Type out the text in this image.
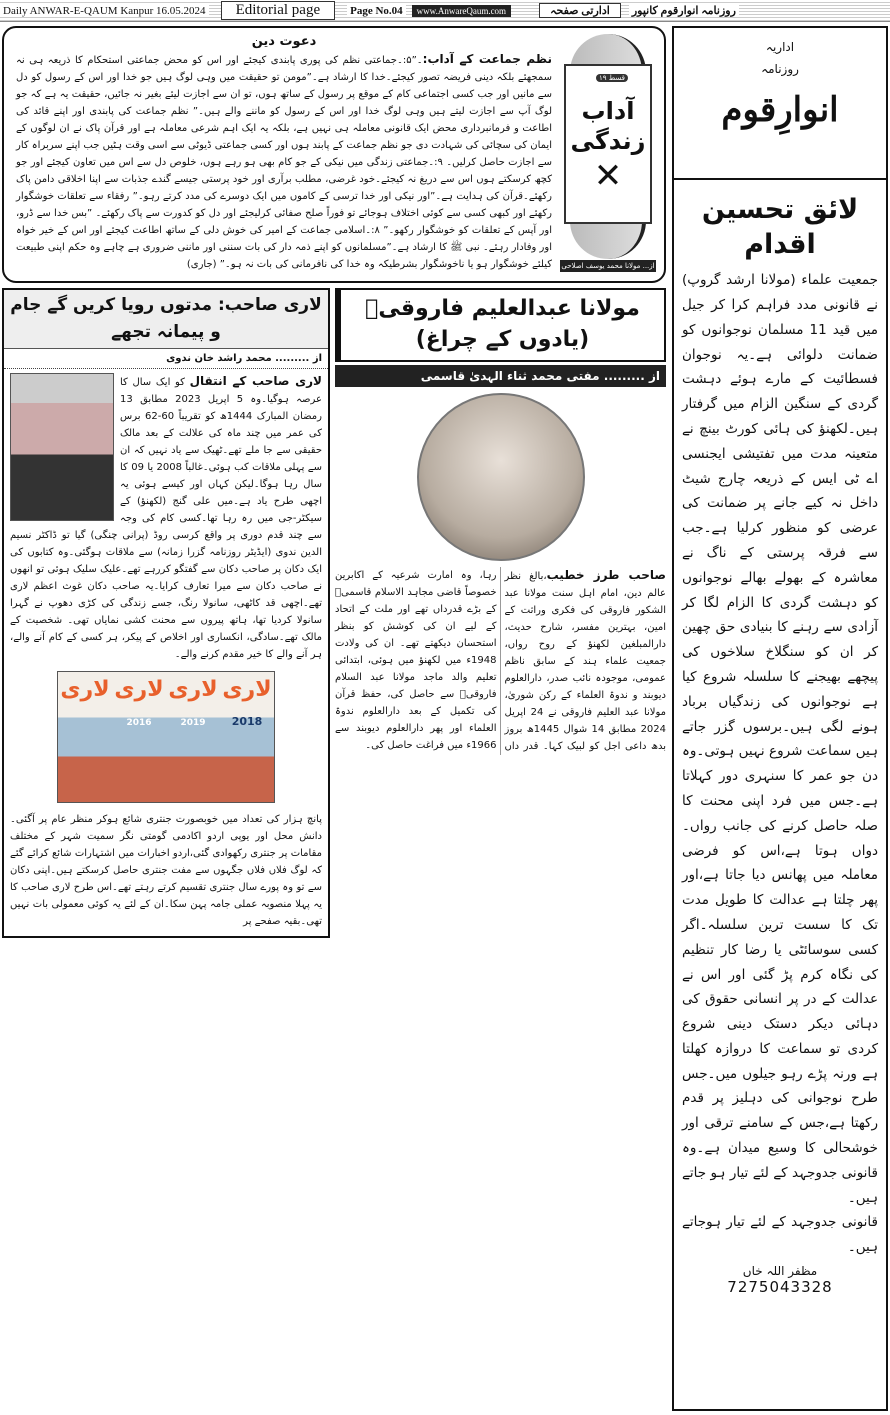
Daily ANWAR-E-QAUM Kanpur 16.05.2024	Editorial page	Page No.04	www.AnwareQaum.com	ادارتی صفحہ	روزنامہ انوارقوم کانپور
دعوت دین

نظم جماعت کے آداب:۔”۵:۔جماعتی نظم کی پوری پابندی کیجئے اور اس کو محض جماعتی استحکام کا ذریعہ ہی نہ سمجھئے بلکہ دینی فریضہ تصور کیجئے۔خدا کا ارشاد ہے۔”مومن تو حقیقت میں وہی لوگ ہیں جو خدا اور اس کے رسول کو دل سے مانیں اور جب کسی اجتماعی کام کے موقع پر رسول کے ساتھ ہوں، تو ان سے اجازت لیئے بغیر نہ جائیں، حقیقت یہ ہے کہ جو لوگ آپ سے اجازت لیتے ہیں وہی لوگ خدا اور اس کے رسول کو ماننے والے ہیں۔” نظم جماعت کی پابندی اور اپنے قائد کی اطاعت و فرمانبرداری محض ایک قانونی معاملہ ہی نہیں ہے، بلکہ یہ ایک اہم شرعی معاملہ ہے اور قرآن پاک نے ان لوگوں کے ایمان کی سچائی کی شہادت دی جو نظم جماعت کے پابند ہوں اور کسی جماعتی ڈیوٹی سے اسی وقت ہٹیں جب اپنے سربراہ کار سے اجازت حاصل کرلیں۔ ۹:۔جماعتی زندگی میں نیکی کے جو کام بھی ہو رہے ہوں، خلوص دل سے اس میں تعاون کیجئے اور جو کچھ کرسکتے ہوں اس سے دریغ نہ کیجئے۔خود غرضی، مطلب برآری اور خود پرستی جیسے گندے جذبات سے اپنا اخلاقی دامن پاک رکھئے۔قرآن کی ہدایت ہے۔”اور نیکی اور خدا ترسی کے کاموں میں ایک دوسرے کی مدد کرتے رہو۔” رفقاء سے تعلقات خوشگوار رکھئے اور کبھی کسی سے کوئی اختلاف ہوجائے تو فوراً صلح صفائی کرلیجئے اور دل کو کدورت سے پاک رکھئے۔ ”بس خدا سے ڈرو، اور آپس کے تعلقات کو خوشگوار رکھو۔” ۸:۔اسلامی جماعت کے امیر کی خوش دلی کے ساتھ اطاعت کیجئے اور اس کے خیر خواہ اور وفادار رہئے۔ نبی ﷺ کا ارشاد ہے۔”مسلمانوں کو اپنے ذمہ دار کی بات سننی اور ماننی ضروری ہے چاہے وہ حکم اپنی طبیعت کیلئے خوشگوار ہو یا ناخوشگوار بشرطیکہ وہ خدا کی نافرمانی کی بات نہ ہو۔” (جاری)

قسط ۱۹
آداب
زندگی
✕
از... مولانا محمد یوسف اصلاحی
لاری صاحب: مدتوں رویا کریں گے جام و پیمانہ تجھے
از ......... محمد راشد خان ندوی

لاری صاحب کے انتقال کو ایک سال کا عرصہ ہوگیا۔وہ 5 اپریل 2023 مطابق 13 رمضان المبارک 1444ھ کو تقریباً 60-62 برس کی عمر میں چند ماہ کی علالت کے بعد مالک حقیقی سے جا ملے تھے۔ٹھیک سے یاد نہیں کہ ان سے پہلی ملاقات کب ہوئی۔غالباً 2008 یا 09 کا سال رہا ہوگا۔لیکن کہاں اور کیسے ہوئی یہ اچھی طرح یاد ہے۔میں علی گنج (لکھنؤ) کے سیکٹر-جی میں رہ رہا تھا۔کسی کام کی وجہ سے چند قدم دوری پر واقع کرسی روڈ (پرانی چنگی) گیا تو ڈاکٹر نسیم الدین ندوی (ایڈیٹر روزنامہ گزرا زمانہ) سے ملاقات ہوگئی۔وہ کتابوں کی ایک دکان پر صاحب دکان سے گفتگو کررہے تھے۔علیک سلیک ہوئی تو انھوں نے صاحب دکان سے میرا تعارف کرایا۔یہ صاحب دکان غوث اعظم لاری تھے۔اچھی قد کاٹھی، سانولا رنگ، جسے زندگی کی کڑی دھوپ نے گہرا سانولا کردیا تھا، ہاتھ پیروں سے محنت کشی نمایاں تھی۔ شخصیت کے مالک تھے۔سادگی، انکساری اور اخلاص کے پیکر، ہر کسی کے کام آنے والے، ہر آنے والے کا خیر مقدم کرنے والے۔

لاری لاری
2016
لاری
2019
لاری
2018

پانچ ہزار کی تعداد میں خوبصورت جنتری شائع ہوکر منظر عام پر آگئی۔دانش محل اور یوپی اردو اکادمی گومتی نگر سمیت شہر کے مختلف مقامات پر جنتری رکھوادی گئی،اردو اخبارات میں اشتہارات شائع کرائے گئے کہ لوگ فلاں فلاں جگہوں سے مفت جنتری حاصل کرسکتے ہیں۔اپنی دکان سے تو وہ پورے سال جنتری تقسیم کرتے رہتے تھے۔اس طرح لاری صاحب کا یہ پہلا منصوبہ عملی جامہ پہن سکا۔ان کے لئے یہ کوئی معمولی بات نہیں تھی۔بقیہ صفحے پر

مولانا عبدالعلیم فاروقیؒ (یادوں کے چراغ)
از ......... مفتی محمد ثناء الہدیٰ قاسمی
صاحب طرز خطیب،بالغ نظر عالم دین، امام اہل سنت مولانا عبد الشکور فاروقی کی فکری وراثت کے امین، بہترین مفسر، شارح حدیث، دارالمبلغین لکھنؤ کے روح رواں، جمعیت علماء ہند کے سابق ناظم عمومی، موجودہ نائب صدر، دارالعلوم دیوبند و ندوۃ العلماء کے رکن شوریٰ، مولانا عبد العلیم فاروقی نے 24 اپریل 2024 مطابق 14 شوال 1445ھ بروز بدھ داعی اجل کو لبیک کہا۔ قدر داں رہا، وہ امارت شرعیہ کے اکابرین خصوصاً قاضی مجاہد الاسلام قاسمیؒ کے بڑے قدرداں تھے اور ملت کے اتحاد کے لیے ان کی کوشش کو بنظر استحسان دیکھتے تھے۔ ان کی ولادت 1948ء میں لکھنؤ میں ہوئی، ابتدائی تعلیم والد ماجد مولانا عبد السلام فاروقیؒ سے حاصل کی، حفظ قرآن کی تکمیل کے بعد دارالعلوم ندوۃ العلماء اور پھر دارالعلوم دیوبند سے 1966ء میں فراغت حاصل کی۔
اداریہ
روزنامہ
انوارِقوم
لائق تحسین اقدام

جمعیت علماء (مولانا ارشد گروپ) نے قانونی مدد فراہم کرا کر جیل میں قید 11 مسلمان نوجوانوں کو ضمانت دلوائی ہے۔یہ نوجوان فسطائیت کے مارے ہوئے دہشت گردی کے سنگین الزام میں گرفتار ہیں۔لکھنؤ کی ہائی کورٹ بینچ نے متعینہ مدت میں تفتیشی ایجنسی اے ٹی ایس کے ذریعہ چارج شیٹ داخل نہ کیے جانے پر ضمانت کی عرضی کو منظور کرلیا ہے۔جب سے فرقہ پرستی کے ناگ نے معاشرہ کے بھولے بھالے نوجوانوں کو دہشت گردی کا الزام لگا کر آزادی سے رہنے کا بنیادی حق چھین کر ان کو سنگلاخ سلاخوں کی پیچھے بھیجنے کا سلسلہ شروع کیا ہے نوجوانوں کی زندگیاں برباد ہونے لگی ہیں۔برسوں گزر جاتے ہیں سماعت شروع نہیں ہوتی۔وہ دن جو عمر کا سنہری دور کہلاتا ہے۔جس میں فرد اپنی محنت کا صلہ حاصل کرنے کی جانب رواں۔دواں ہوتا ہے،اس کو فرضی معاملہ میں پھانس دیا جاتا ہے،اور پھر چلتا ہے عدالت کا طویل مدت تک کا سست ترین سلسلہ۔اگر کسی سوسائٹی یا رضا کار تنظیم کی نگاہ کرم پڑ گئی اور اس نے عدالت کے در پر انسانی حقوق کی دہائی دیکر دستک دینی شروع کردی تو سماعت کا دروازہ کھلتا ہے ورنہ پڑے رہو جیلوں میں۔جس طرح نوجوانی کی دہلیز پر قدم رکھتا ہے،جس کے سامنے ترقی اور خوشحالی کا وسیع میدان ہے۔وہ قانونی جدوجہد کے لئے تیار ہو جاتے ہیں۔

قانونی جدوجہد کے لئے تیار ہوجاتے ہیں۔

مظفر اللہ خاں
7275043328
